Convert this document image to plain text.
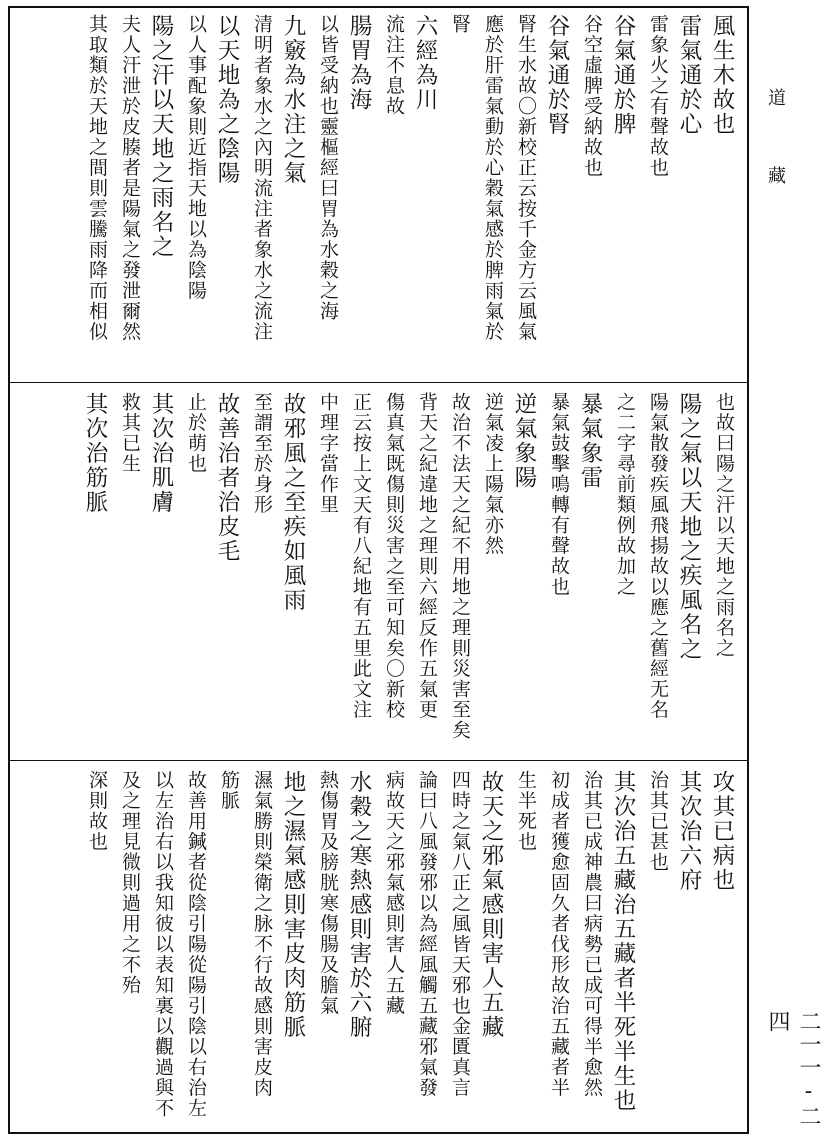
風生木故也
雷氣通於心
雷象火之有聲故也
谷氣通於脾
谷空虛脾受納故也
谷氣通於腎
腎生水故〇新校正云按千金方云風氣
應於肝雷氣動於心穀氣感於脾雨氣於
腎
六經為川
流注不息故
腸胃為海
以皆受納也靈樞經曰胃為水穀之海
九竅為水注之氣
清明者象水之內明流注者象水之流注
以天地為之陰陽
以人事配象則近指天地以為陰陽
陽之汗以天地之雨名之
夫人汗泄於皮腠者是陽氣之發泄爾然
其取類於天地之間則雲騰雨降而相似
也故曰陽之汗以天地之雨名之
陽之氣以天地之疾風名之
陽氣散發疾風飛揚故以應之舊經无名
之二字尋前類例故加之
暴氣象雷
暴氣鼓擊鳴轉有聲故也
逆氣象陽
逆氣凌上陽氣亦然
故治不法天之紀不用地之理則災害至矣
背天之紀違地之理則六經反作五氣更
傷真氣既傷則災害之至可知矣〇新校
正云按上文天有八紀地有五里此文注
中理字當作里
故邪風之至疾如風雨
至謂至於身形
故善治者治皮毛
止於萌也
其次治肌膚
救其已生
其次治筋脈
攻其已病也
其次治六府
治其已甚也
其次治五藏治五藏者半死半生也
治其已成神農曰病勢已成可得半愈然
初成者獲愈固久者伐形故治五藏者半
生半死也
故天之邪氣感則害人五藏
四時之氣八正之風皆天邪也金匱真言
論曰八風發邪以為經風觸五藏邪氣發
病故天之邪氣感則害人五藏
水穀之寒熱感則害於六腑
熱傷胃及膀胱寒傷腸及膽氣
地之濕氣感則害皮肉筋脈
濕氣勝則榮衛之脉不行故感則害皮肉
筋脈
故善用鍼者從陰引陽從陽引陰以右治左
以左治右以我知彼以表知裏以觀過與不
及之理見微則過用之不殆
深則故也
道藏
二一一-二四
